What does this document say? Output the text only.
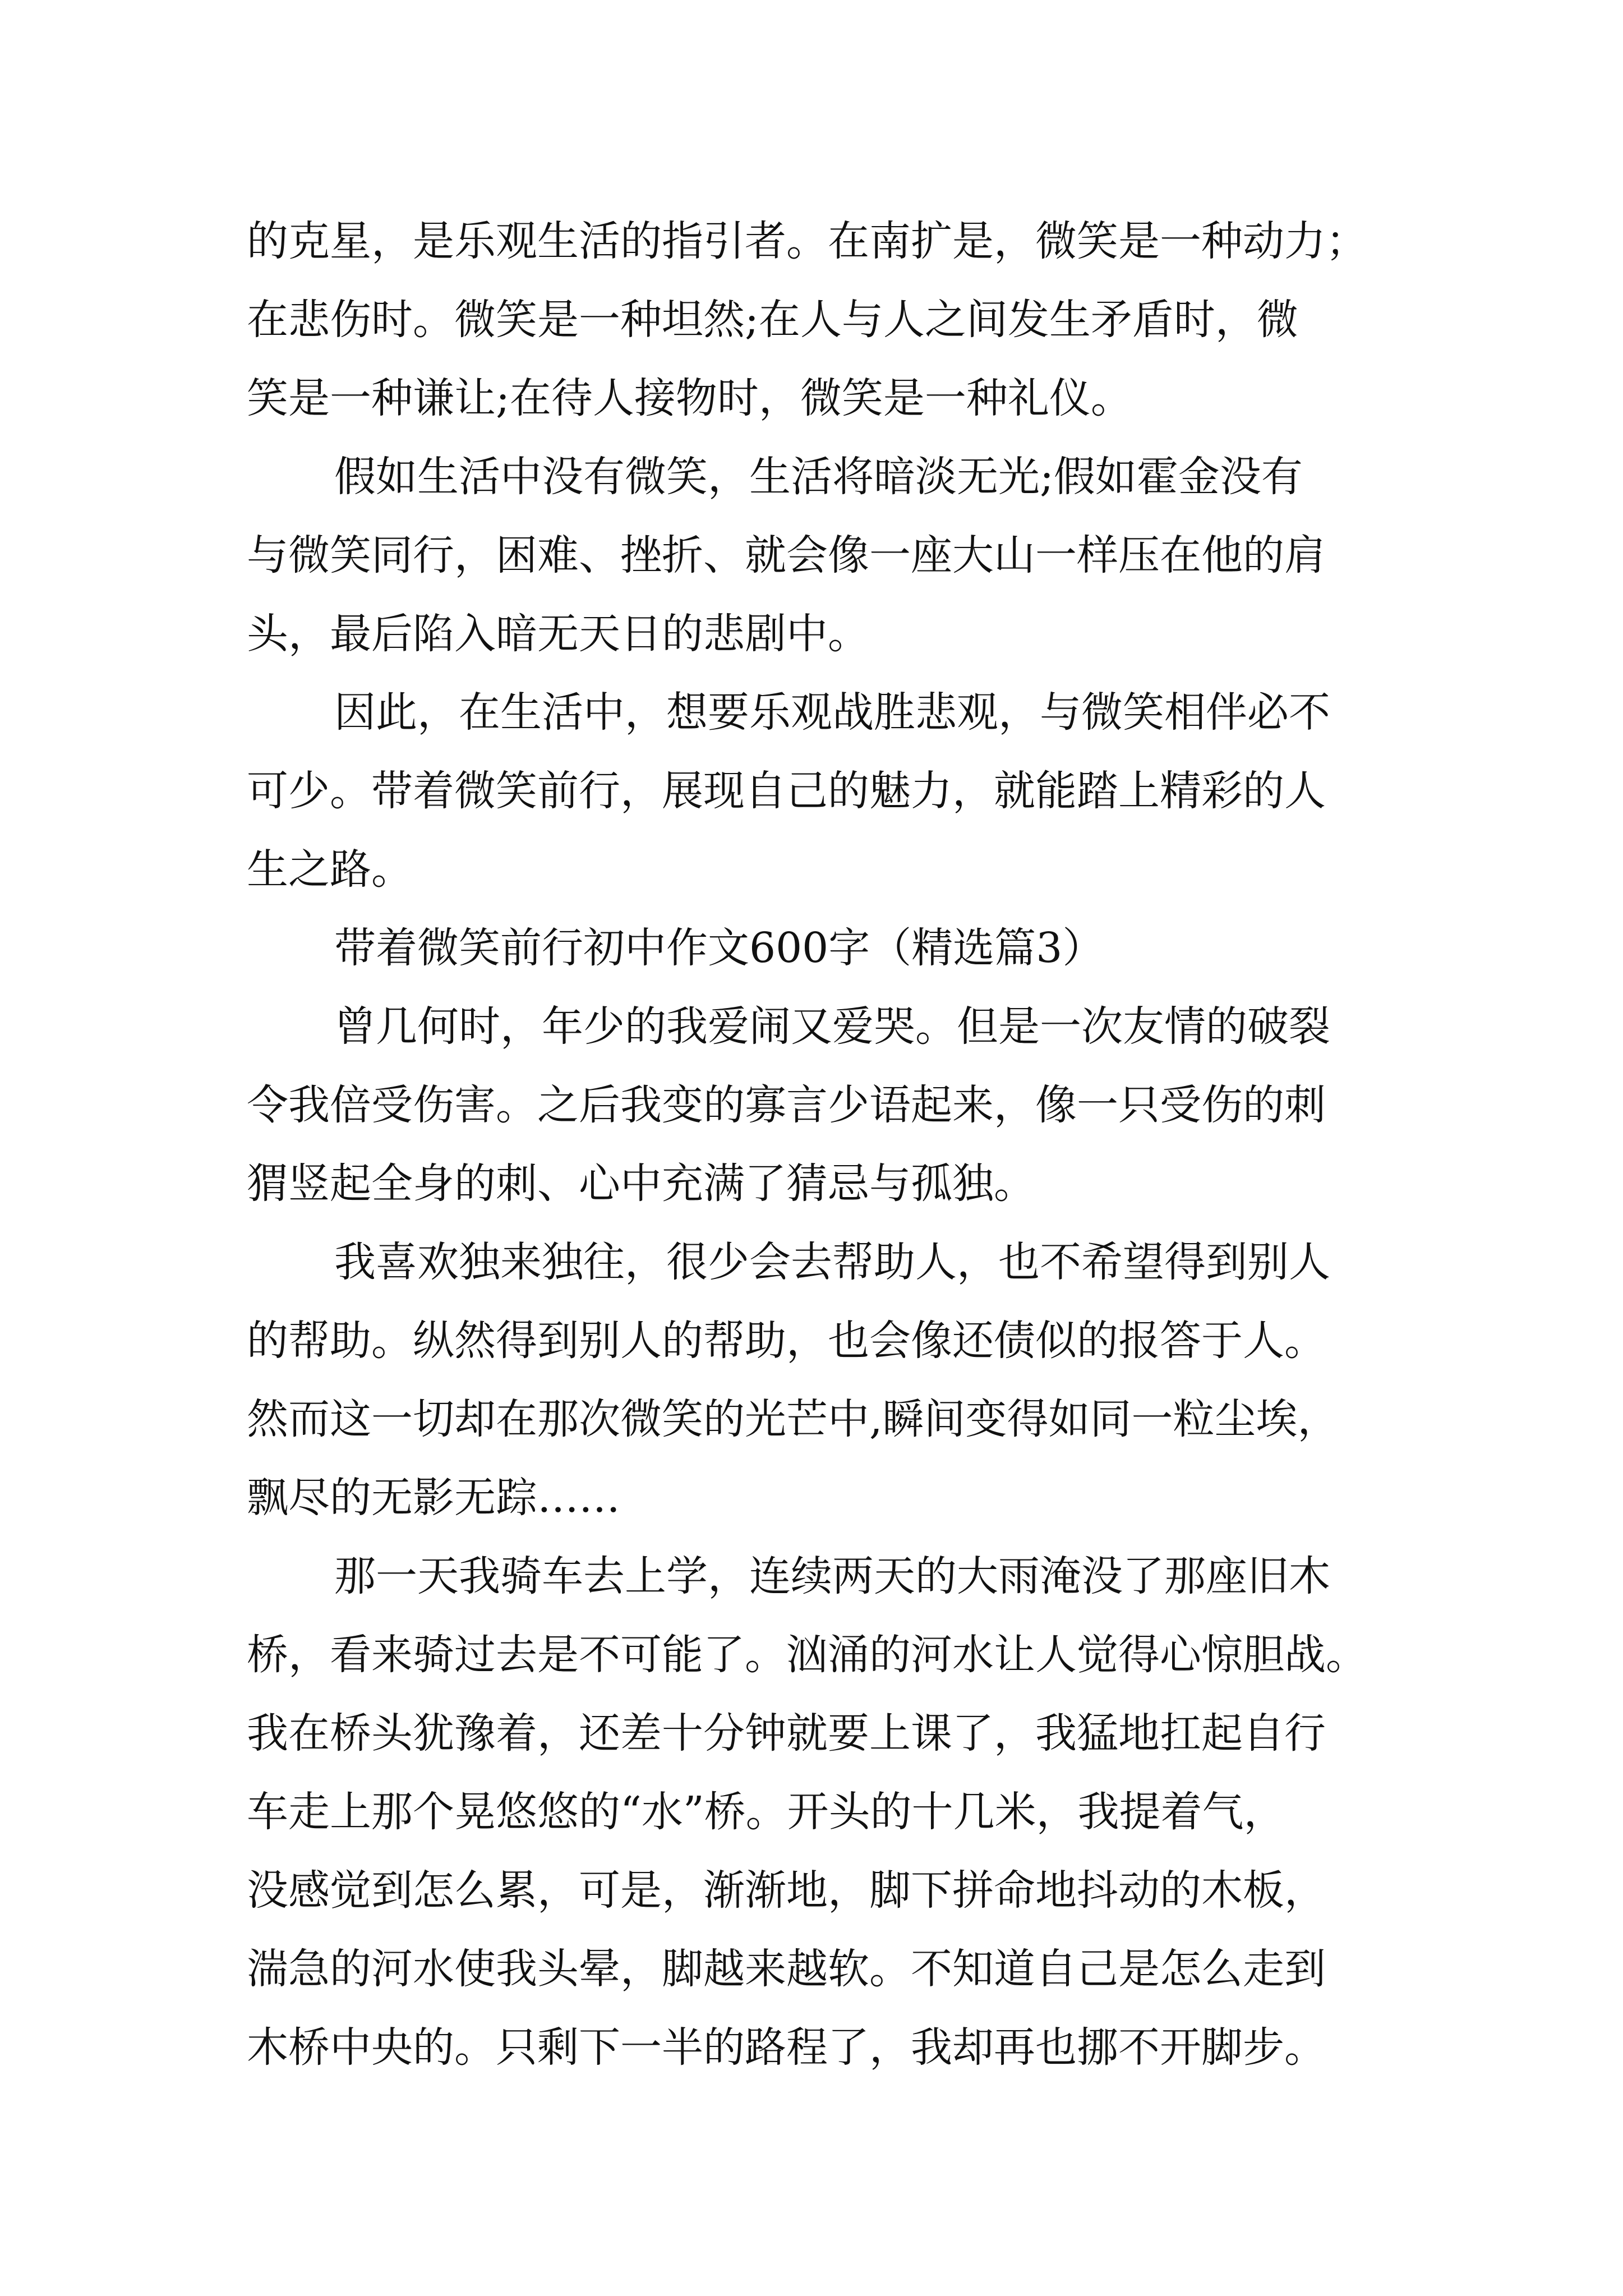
的克星，是乐观生活的指引者。在南扩是，微笑是一种动力；

在悲伤时。微笑是一种坦然;在人与人之间发生矛盾时，微

笑是一种谦让;在待人接物时，微笑是一种礼仪。

假如生活中没有微笑，生活将暗淡无光;假如霍金没有

与微笑同行，困难、挫折、就会像一座大山一样压在他的肩

头，最后陷入暗无天日的悲剧中。

因此，在生活中，想要乐观战胜悲观，与微笑相伴必不

可少。带着微笑前行，展现自己的魅力，就能踏上精彩的人

生之路。

带着微笑前行初中作文600字（精选篇3）

曾几何时，年少的我爱闹又爱哭。但是一次友情的破裂

令我倍受伤害。之后我变的寡言少语起来，像一只受伤的刺

猬竖起全身的刺、心中充满了猜忌与孤独。

我喜欢独来独往，很少会去帮助人，也不希望得到别人

的帮助。纵然得到别人的帮助，也会像还债似的报答于人。

然而这一切却在那次微笑的光芒中,瞬间变得如同一粒尘埃，

飘尽的无影无踪……

那一天我骑车去上学，连续两天的大雨淹没了那座旧木

桥，看来骑过去是不可能了。汹涌的河水让人觉得心惊胆战。

我在桥头犹豫着，还差十分钟就要上课了，我猛地扛起自行

车走上那个晃悠悠的“水”桥。开头的十几米，我提着气，

没感觉到怎么累，可是，渐渐地，脚下拼命地抖动的木板，

湍急的河水使我头晕，脚越来越软。不知道自己是怎么走到

木桥中央的。只剩下一半的路程了，我却再也挪不开脚步。
